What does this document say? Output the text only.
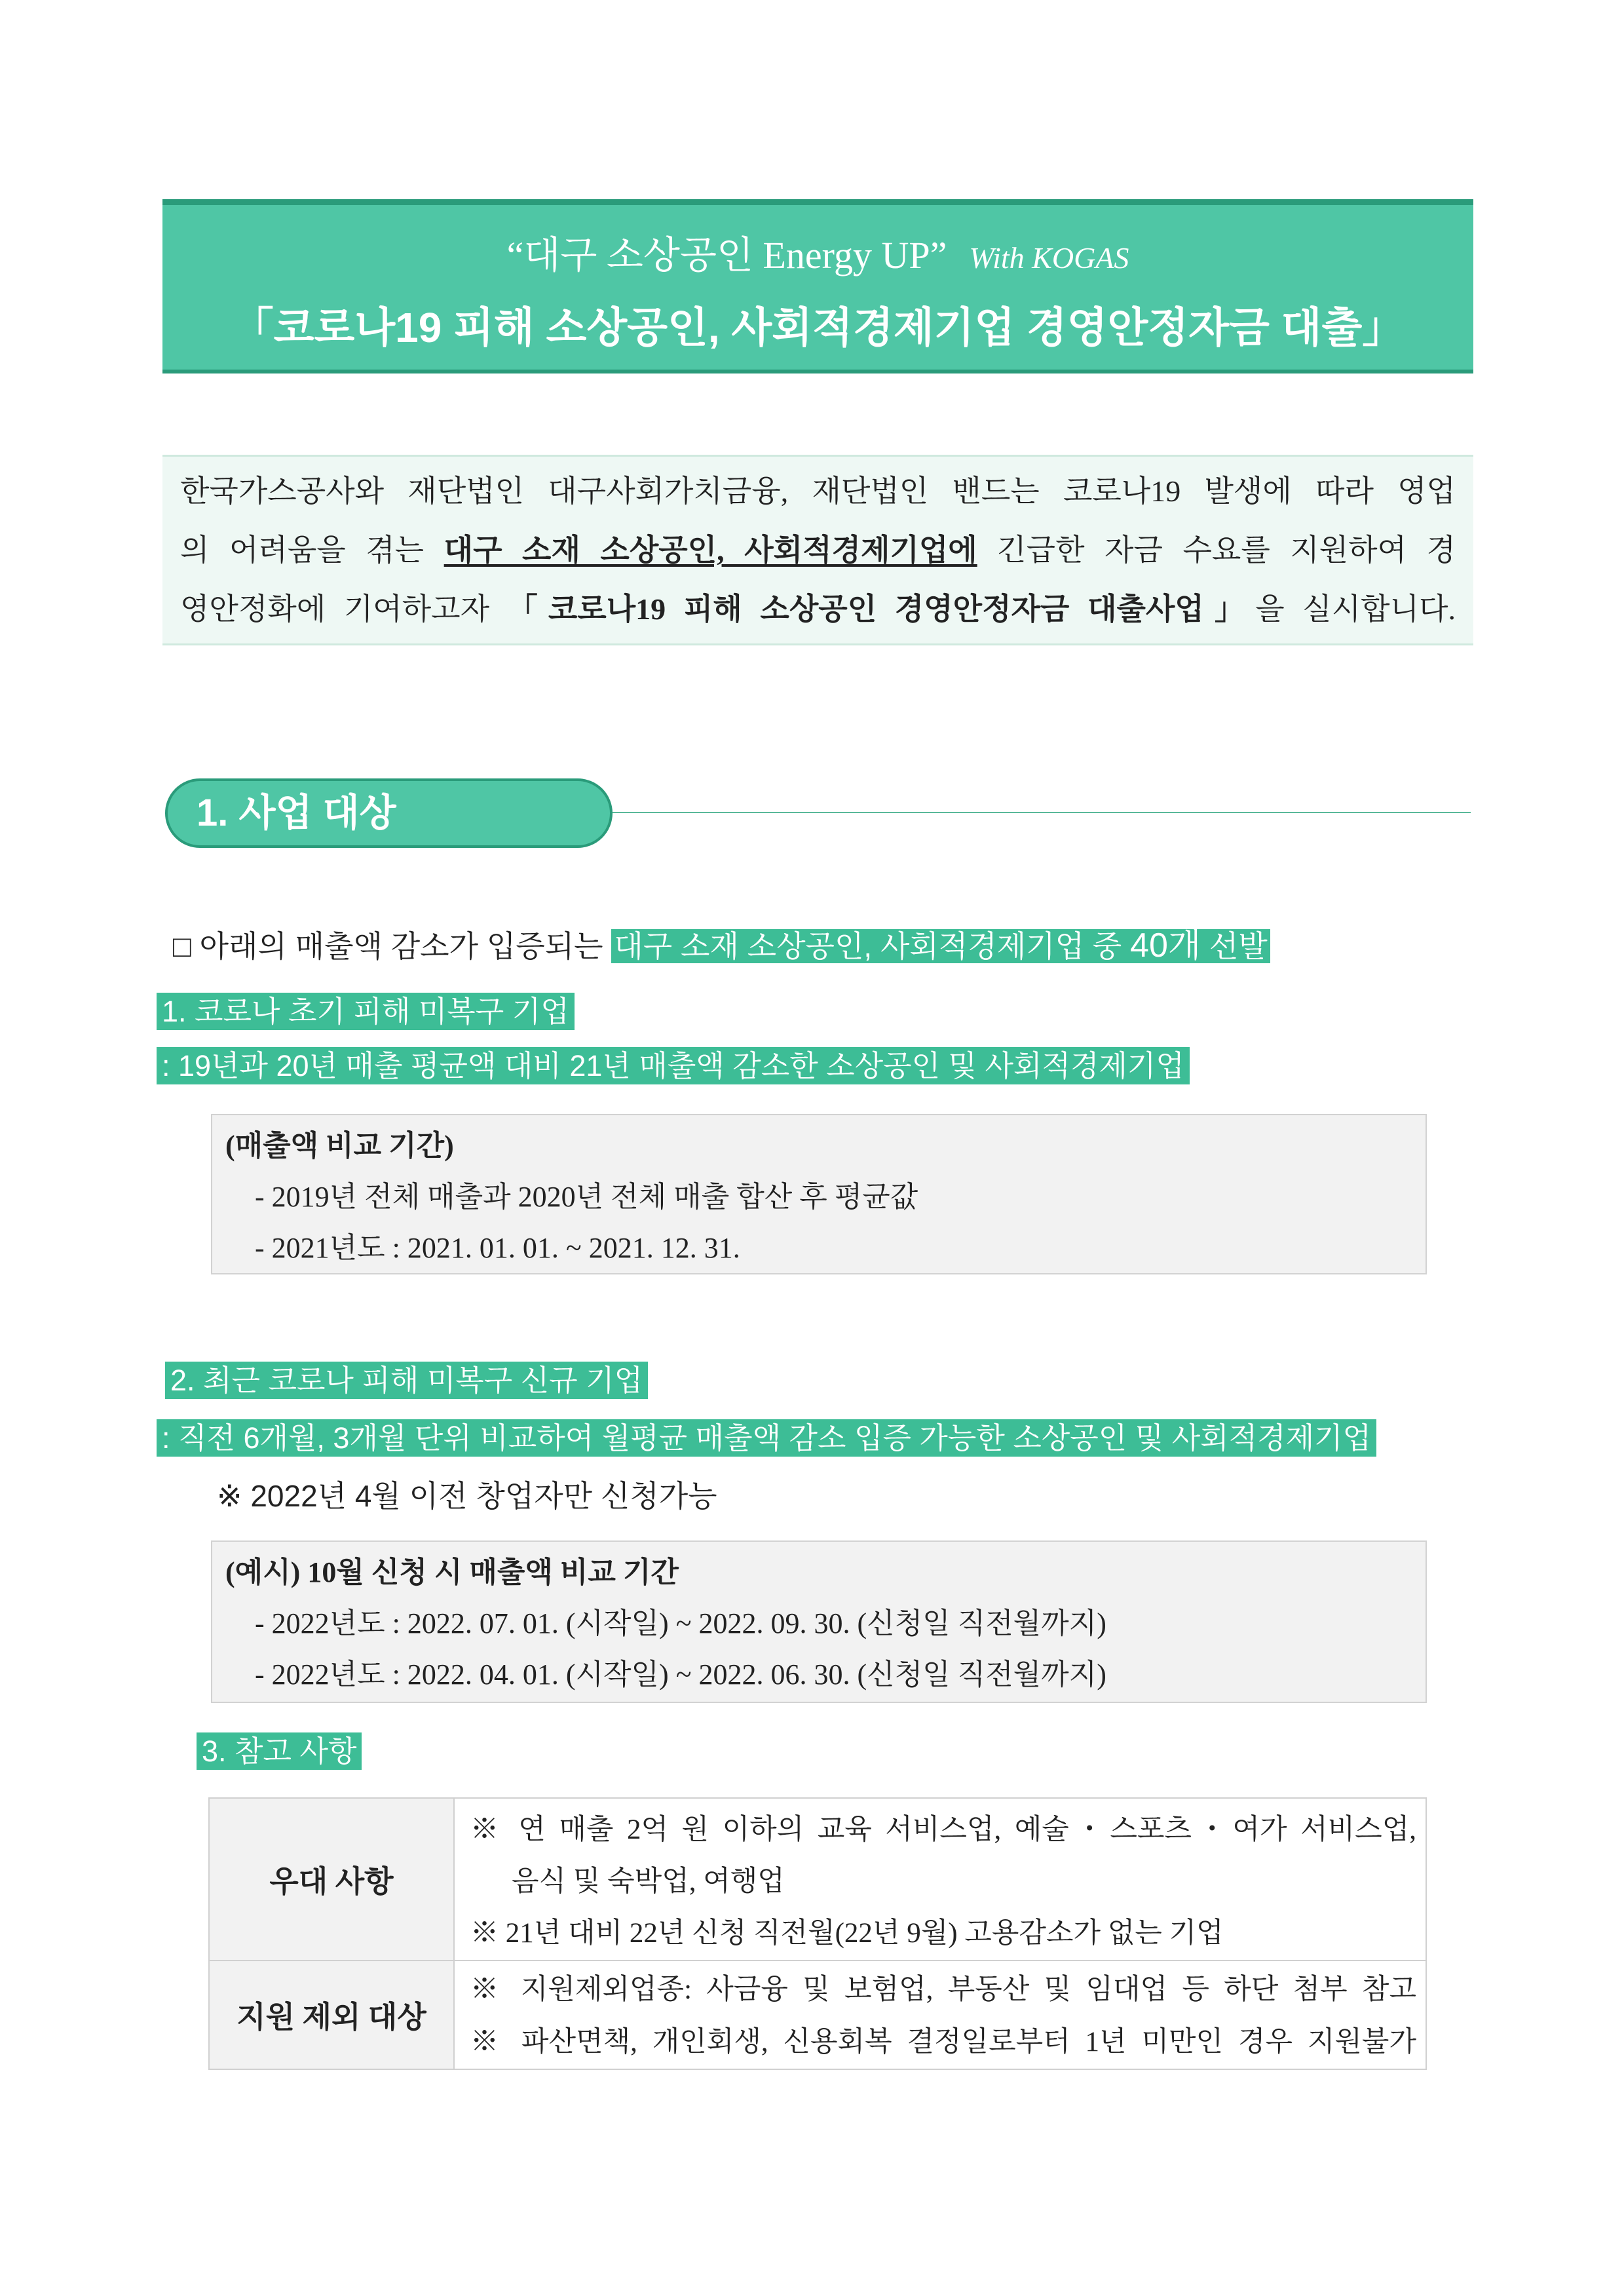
“대구 소상공인 Energy UP” With KOGAS
「코로나19 피해 소상공인, 사회적경제기업 경영안정자금 대출」
한국가스공사와 재단법인 대구사회가치금융, 재단법인 밴드는 코로나19 발생에 따라 영업
의 어려움을 겪는 대구 소재 소상공인, 사회적경제기업에 긴급한 자금 수요를 지원하여 경
영안정화에 기여하고자 「코로나19 피해 소상공인 경영안정자금 대출사업」을 실시합니다.
1. 사업 대상
□ 아래의 매출액 감소가 입증되는 대구 소재 소상공인, 사회적경제기업 중 40개 선발
1. 코로나 초기 피해 미복구 기업
: 19년과 20년 매출 평균액 대비 21년 매출액 감소한 소상공인 및 사회적경제기업
(매출액 비교 기간)
- 2019년 전체 매출과 2020년 전체 매출 합산 후 평균값
- 2021년도 : 2021. 01. 01. ~ 2021. 12. 31.
2. 최근 코로나 피해 미복구 신규 기업
: 직전 6개월, 3개월 단위 비교하여 월평균 매출액 감소 입증 가능한 소상공인 및 사회적경제기업
※ 2022년 4월 이전 창업자만 신청가능
(예시) 10월 신청 시 매출액 비교 기간
- 2022년도 : 2022. 07. 01. (시작일) ~ 2022. 09. 30. (신청일 직전월까지)
- 2022년도 : 2022. 04. 01. (시작일) ~ 2022. 06. 30. (신청일 직전월까지)
3. 참고 사항
우대 사항	※ 연 매출 2억 원 이하의 교육 서비스업, 예술・스포츠・여가 서비스업,
음식 및 숙박업, 여행업
※ 21년 대비 22년 신청 직전월(22년 9월) 고용감소가 없는 기업

지원 제외 대상	※ 지원제외업종: 사금융 및 보험업, 부동산 및 임대업 등 하단 첨부 참고
※ 파산면책, 개인회생, 신용회복 결정일로부터 1년 미만인 경우 지원불가
